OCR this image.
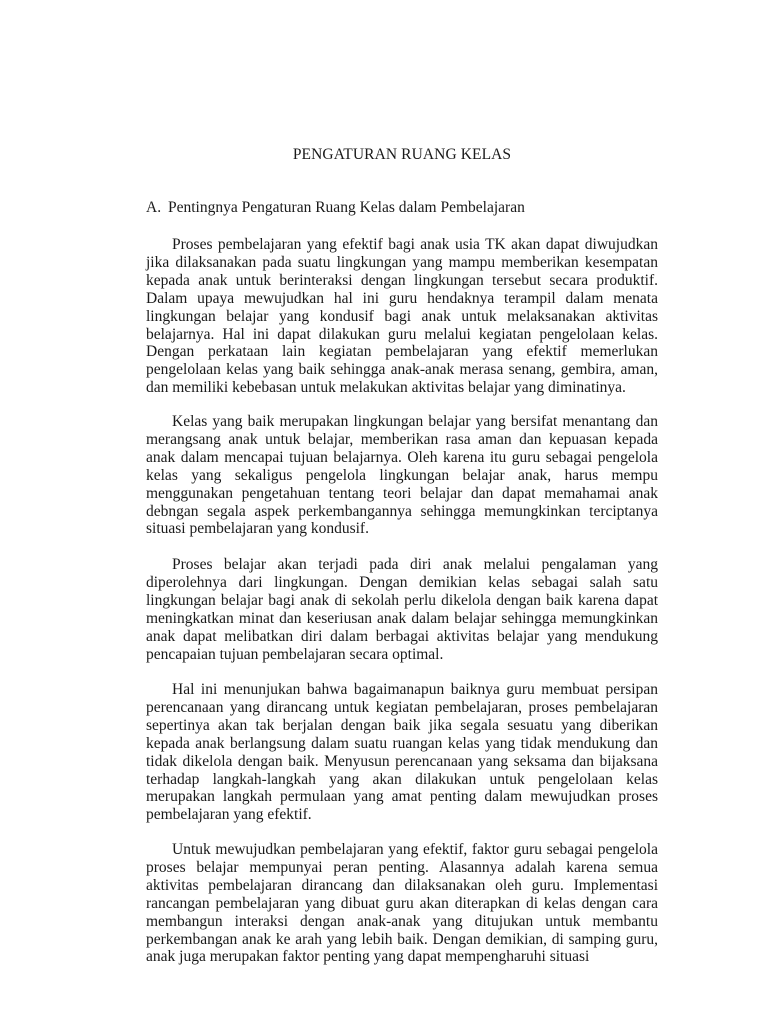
PENGATURAN RUANG KELAS
A. Pentingnya Pengaturan Ruang Kelas dalam Pembelajaran

Proses pembelajaran yang efektif bagi anak usia TK akan dapat diwujudkan jika dilaksanakan pada suatu lingkungan yang mampu memberikan kesempatan kepada anak untuk berinteraksi dengan lingkungan tersebut secara produktif. Dalam upaya mewujudkan hal ini guru hendaknya terampil dalam menata lingkungan belajar yang kondusif bagi anak untuk melaksanakan aktivitas belajarnya. Hal ini dapat dilakukan guru melalui kegiatan pengelolaan kelas. Dengan perkataan lain kegiatan pembelajaran yang efektif memerlukan pengelolaan kelas yang baik sehingga anak-anak merasa senang, gembira, aman, dan memiliki kebebasan untuk melakukan aktivitas belajar yang diminatinya.

Kelas yang baik merupakan lingkungan belajar yang bersifat menantang dan merangsang anak untuk belajar, memberikan rasa aman dan kepuasan kepada anak dalam mencapai tujuan belajarnya. Oleh karena itu guru sebagai pengelola kelas yang sekaligus pengelola lingkungan belajar anak, harus mempu menggunakan pengetahuan tentang teori belajar dan dapat memahamai anak debngan segala aspek perkembangannya sehingga memungkinkan terciptanya situasi pembelajaran yang kondusif.

Proses belajar akan terjadi pada diri anak melalui pengalaman yang diperolehnya dari lingkungan. Dengan demikian kelas sebagai salah satu lingkungan belajar bagi anak di sekolah perlu dikelola dengan baik karena dapat meningkatkan minat dan keseriusan anak dalam belajar sehingga memungkinkan anak dapat melibatkan diri dalam berbagai aktivitas belajar yang mendukung pencapaian tujuan pembelajaran secara optimal.

Hal ini menunjukan bahwa bagaimanapun baiknya guru membuat persipan perencanaan yang dirancang untuk kegiatan pembelajaran, proses pembelajaran sepertinya akan tak berjalan dengan baik jika segala sesuatu yang diberikan kepada anak berlangsung dalam suatu ruangan kelas yang tidak mendukung dan tidak dikelola dengan baik. Menyusun perencanaan yang seksama dan bijaksana terhadap langkah-langkah yang akan dilakukan untuk pengelolaan kelas merupakan langkah permulaan yang amat penting dalam mewujudkan proses pembelajaran yang efektif.

Untuk mewujudkan pembelajaran yang efektif, faktor guru sebagai pengelola proses belajar mempunyai peran penting. Alasannya adalah karena semua aktivitas pembelajaran dirancang dan dilaksanakan oleh guru. Implementasi rancangan pembelajaran yang dibuat guru akan diterapkan di kelas dengan cara membangun interaksi dengan anak-anak yang ditujukan untuk membantu perkembangan anak ke arah yang lebih baik. Dengan demikian, di samping guru, anak juga merupakan faktor penting yang dapat mempengharuhi situasi
